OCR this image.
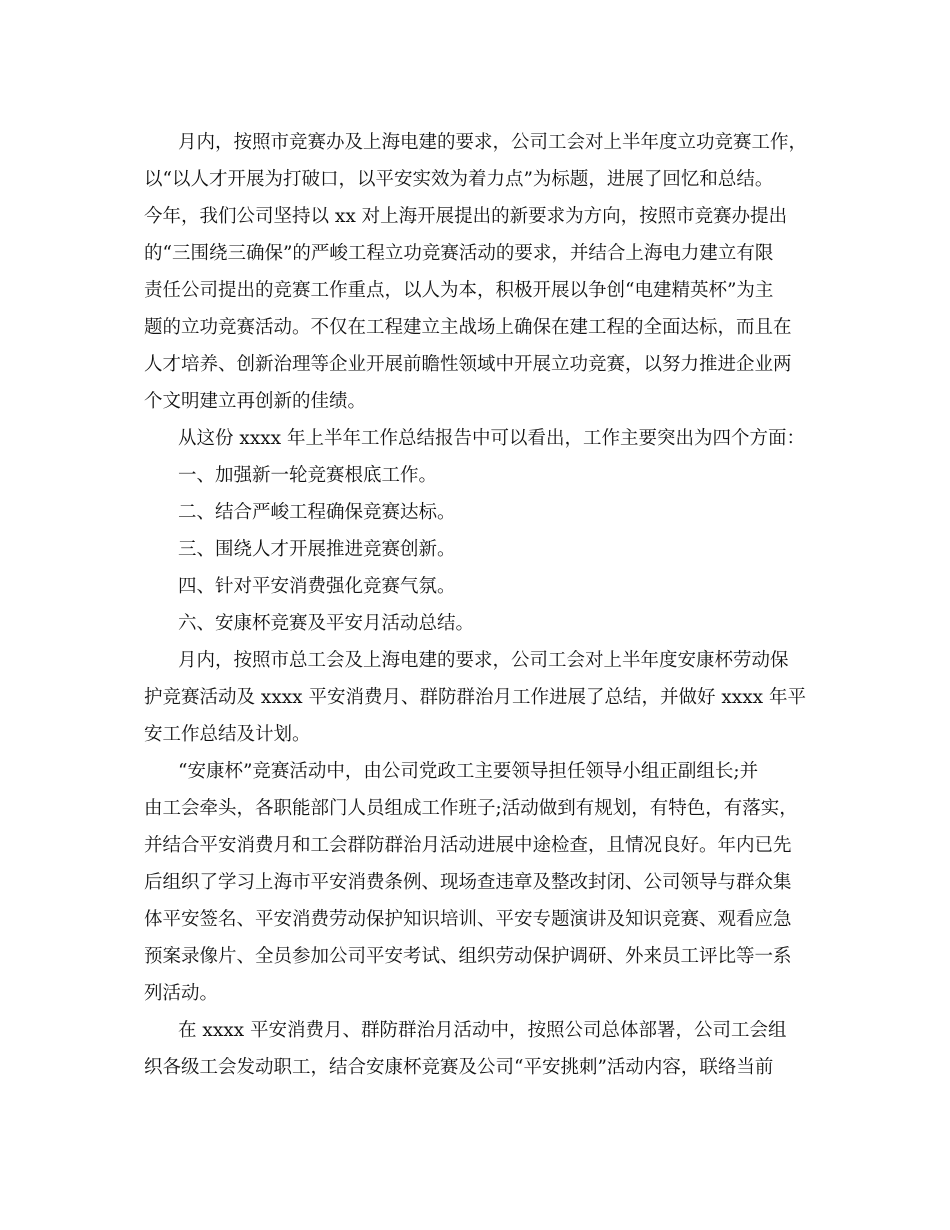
月内，按照市竞赛办及上海电建的要求，公司工会对上半年度立功竞赛工作，

以“以人才开展为打破口，以平安实效为着力点”为标题，进展了回忆和总结。

今年，我们公司坚持以 xx 对上海开展提出的新要求为方向，按照市竞赛办提出

的“三围绕三确保”的严峻工程立功竞赛活动的要求，并结合上海电力建立有限

责任公司提出的竞赛工作重点，以人为本，积极开展以争创“电建精英杯”为主

题的立功竞赛活动。不仅在工程建立主战场上确保在建工程的全面达标，而且在

人才培养、创新治理等企业开展前瞻性领域中开展立功竞赛，以努力推进企业两

个文明建立再创新的佳绩。

从这份 xxxx 年上半年工作总结报告中可以看出，工作主要突出为四个方面：

一、加强新一轮竞赛根底工作。

二、结合严峻工程确保竞赛达标。

三、围绕人才开展推进竞赛创新。

四、针对平安消费强化竞赛气氛。

六、安康杯竞赛及平安月活动总结。

月内，按照市总工会及上海电建的要求，公司工会对上半年度安康杯劳动保

护竞赛活动及 xxxx 平安消费月、群防群治月工作进展了总结，并做好 xxxx 年平

安工作总结及计划。

“安康杯”竞赛活动中，由公司党政工主要领导担任领导小组正副组长;并

由工会牵头，各职能部门人员组成工作班子;活动做到有规划，有特色，有落实，

并结合平安消费月和工会群防群治月活动进展中途检查，且情况良好。年内已先

后组织了学习上海市平安消费条例、现场查违章及整改封闭、公司领导与群众集

体平安签名、平安消费劳动保护知识培训、平安专题演讲及知识竞赛、观看应急

预案录像片、全员参加公司平安考试、组织劳动保护调研、外来员工评比等一系

列活动。

在 xxxx 平安消费月、群防群治月活动中，按照公司总体部署，公司工会组

织各级工会发动职工，结合安康杯竞赛及公司“平安挑刺”活动内容，联络当前
